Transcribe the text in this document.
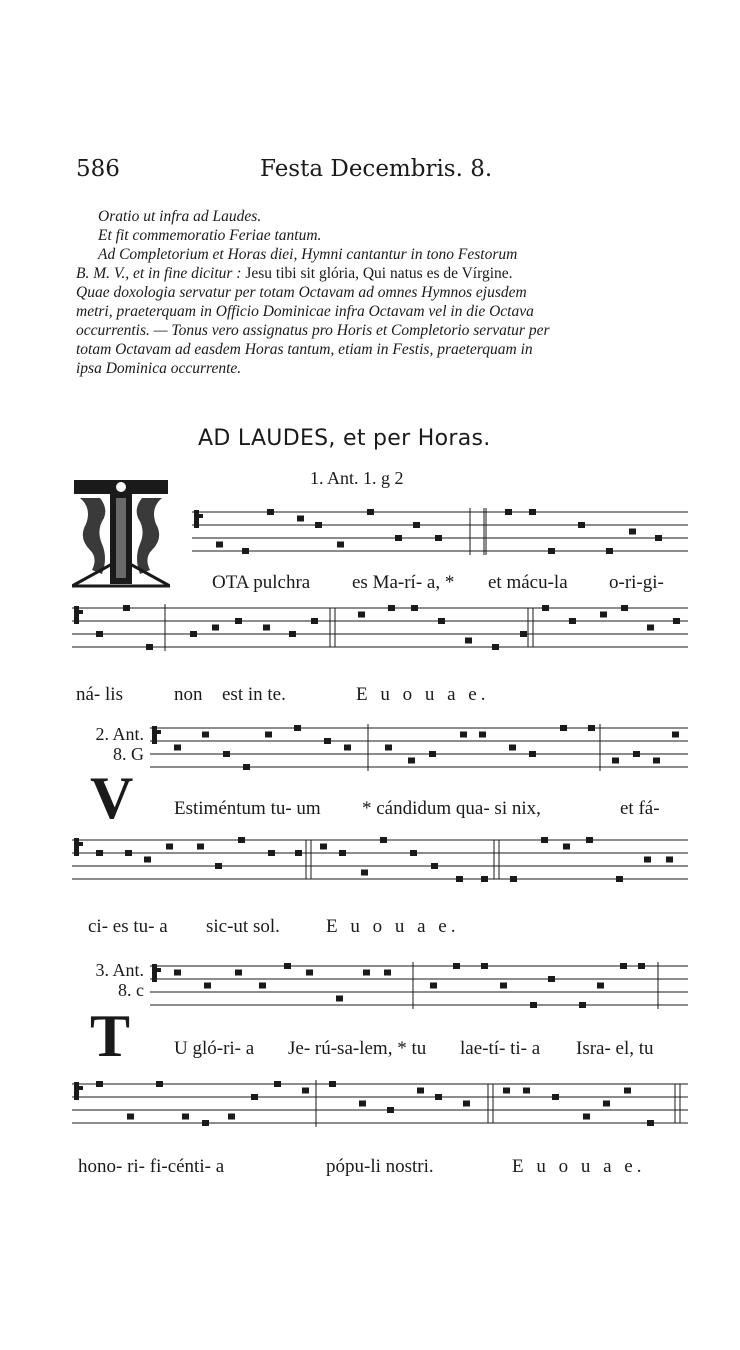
586	Festa Decembris. 8.
Oratio ut infra ad Laudes.
Et fit commemoratio Feriae tantum.
Ad Completorium et Horas diei, Hymni cantantur in tono Festorum
B. M. V., et in fine dicitur : Jesu tibi sit glória, Qui natus es de Vírgine.
Quae doxologia servatur per totam Octavam ad omnes Hymnos ejusdem
metri, praeterquam in Officio Dominicae infra Octavam vel in die Octava
occurrentis. — Tonus vero assignatus pro Horis et Completorio servatur per
totam Octavam ad easdem Horas tantum, etiam in Festis, praeterquam in
ipsa Dominica occurrente.
AD LAUDES, et per Horas.
1. Ant. 1. g 2
OTA pulchra es Ma-rí- a, * et mácu-la o-ri-gi-
ná- lis	non est in te.	E u o u a e.
2. Ant.
8. G
V Estiméntum tu- um * cándidum qua- si nix,	et fá-
ci- es tu- a sic-ut sol. E u o u a e.
3. Ant.
8. c
T U gló-ri- a Je- rú-sa-lem, * tu lae-tí- ti- a Isra- el, tu
hono- ri- fi-cénti- a	pópu-li nostri.	E u o u a e.
